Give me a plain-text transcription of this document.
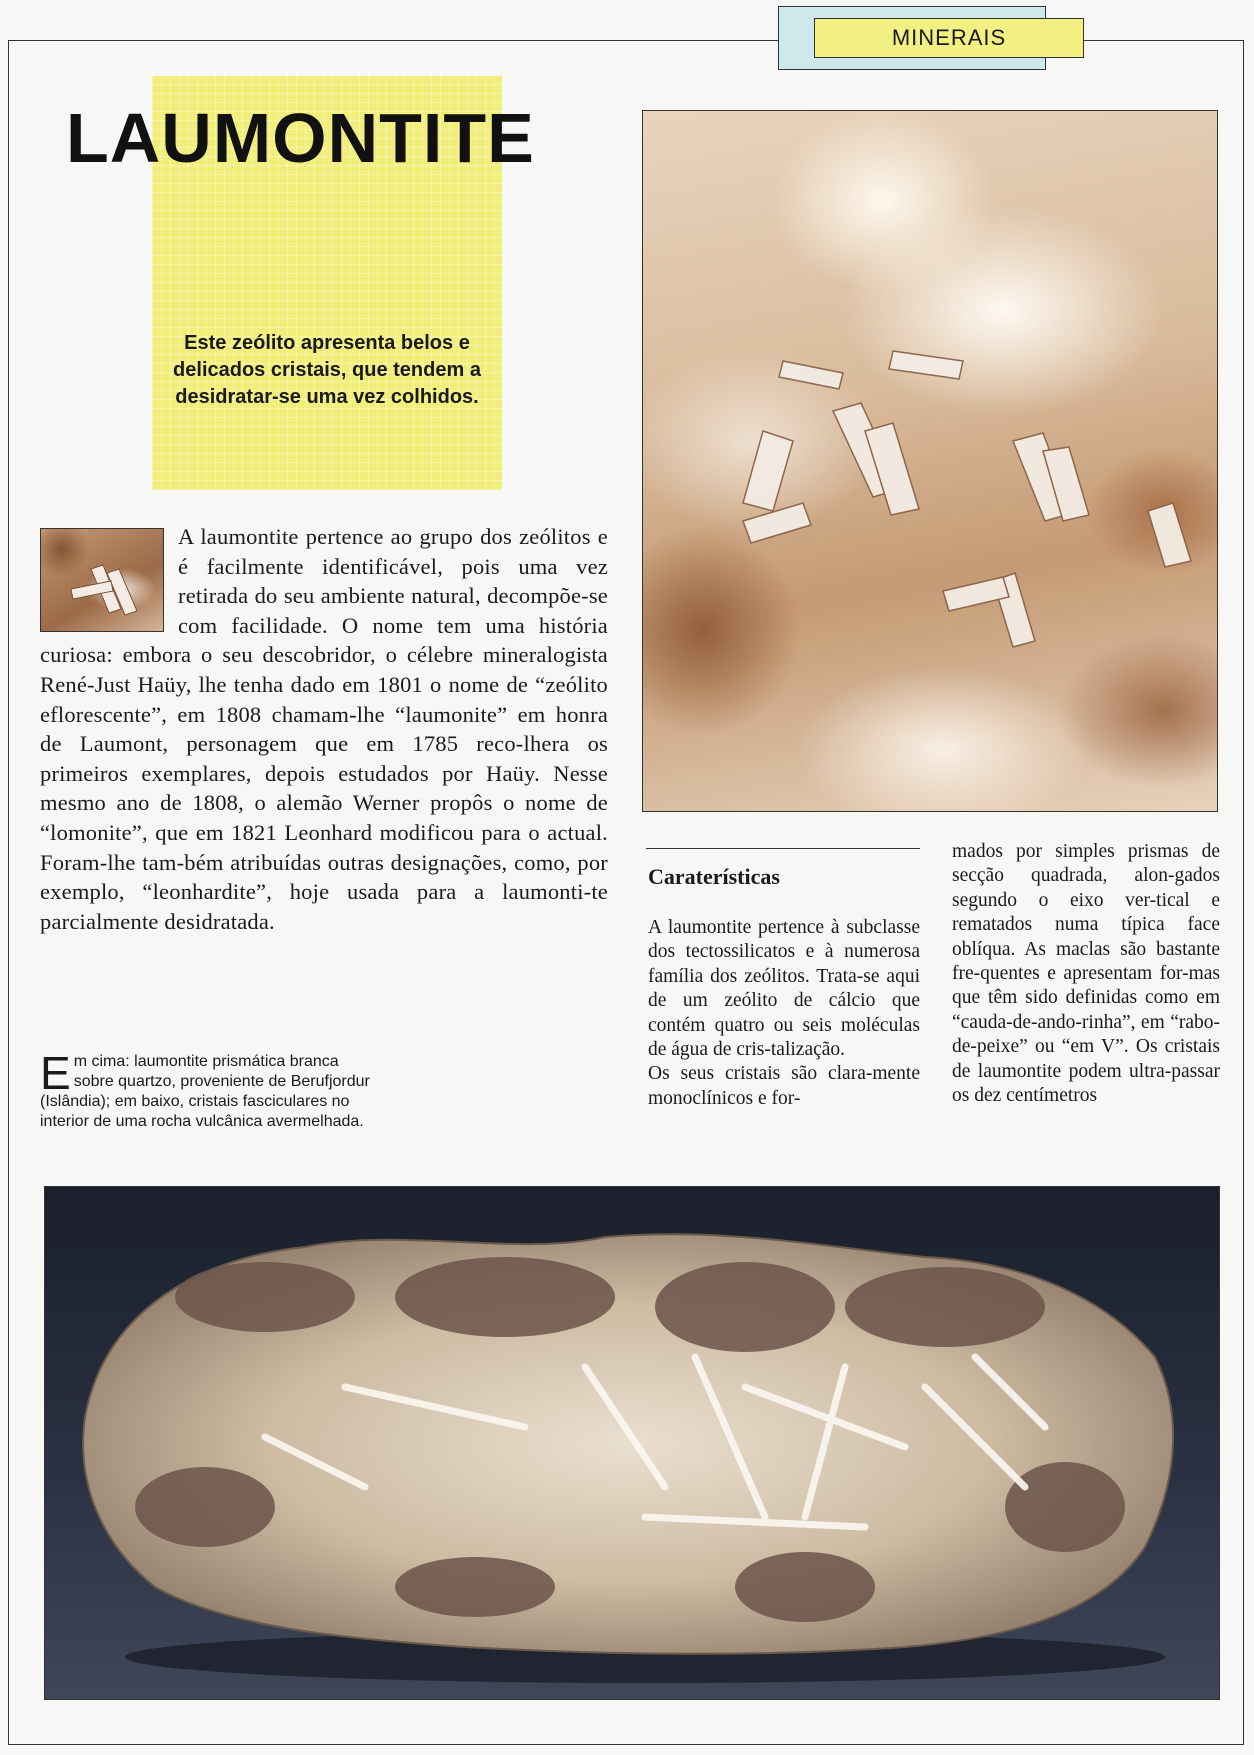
MINERAIS
LAUMONTITE

Este zeólito apresenta belos e delicados cristais, que tendem a desidratar-se uma vez colhidos.

A laumontite pertence ao grupo dos zeólitos e é facilmente identificável, pois uma vez retirada do seu ambiente natural, decompõe-se com facilidade. O nome tem uma história curiosa: embora o seu descobridor, o célebre mineralogista René-Just Haüy, lhe tenha dado em 1801 o nome de “zeólito eflorescente”, em 1808 chamam-lhe “laumonite” em honra de Laumont, personagem que em 1785 reco-lhera os primeiros exemplares, depois estudados por Haüy. Nesse mesmo ano de 1808, o alemão Werner propôs o nome de “lomonite”, que em 1821 Leonhard modificou para o actual. Foram-lhe tam-bém atribuídas outras designações, como, por exemplo, “leonhardite”, hoje usada para a laumonti-te parcialmente desidratada.

Em cima: laumontite prismática branca sobre quartzo, proveniente de Berufjordur (Islândia); em baixo, cristais fasciculares no interior de uma rocha vulcânica avermelhada.

Caraterísticas

A laumontite pertence à subclasse dos tectossilicatos e à numerosa família dos zeólitos. Trata-se aqui de um zeólito de cálcio que contém quatro ou seis moléculas de água de cris-talização.
Os seus cristais são clara-mente monoclínicos e for-

mados por simples prismas de secção quadrada, alon-gados segundo o eixo ver-tical e rematados numa típica face oblíqua. As maclas são bastante fre-quentes e apresentam for-mas que têm sido definidas como em “cauda-de-ando-rinha”, em “rabo-de-peixe” ou “em V”. Os cristais de laumontite podem ultra-passar os dez centímetros
